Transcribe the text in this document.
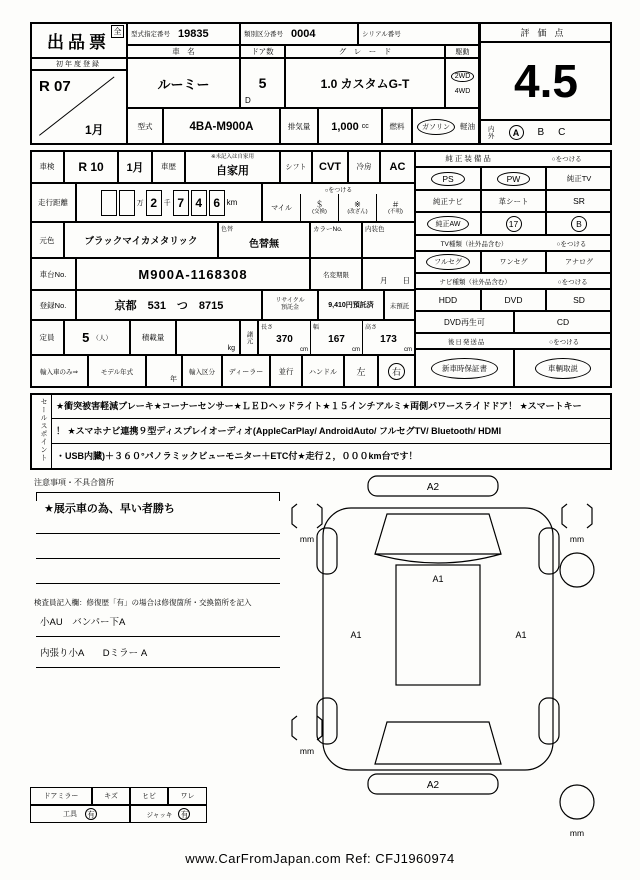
出品票
全	型式指定番号 19835	類別区分番号 0004	シリアル番号	評価点
4.5
内
外	A	B C
初年度登録
R 07
1月
車　名	ドア数	グ　レ　ー　ド	駆動
ルーミー	5
D
1.0 カスタムG-T	2WD
4WD
型式	4BA-M900A	排気量 1,000 cc	燃料	ガソリン	軽油
車検 R 10 1月 車歴
※未記入は自家用
自家用	シフト CVT 冷房 AC
走行距離	万 2 千 7 4 6 km
○をつける
マイル	＄
(交換)
※
(改ざん)
＃
(不明)
元色	ブラックマイカメタリック
色替
色替無
カラーNo.	内装色
車台No.	M900A-1168308	名変期限
月　　日
登録No.	京都　531　つ　8715	リサイクル
預託金	9,410円預託済 未預託
定員 5 （人）	積載量
kg
諸元
長さ
370
cm
幅
167
cm
高さ
173
cm
輸入車のみ⇒	モデル年式
年
輸入区分 ディーラー 並行 ハンドル 左	右
純正装備品	○をつける
PS	PW	純正TV
純正ナビ	革シート	SR
純正AW	17	B
TV種類（社外品含む）	○をつける
フルセグ	ワンセグ	アナログ
ナビ種類（社外品含む）	○をつける
HDD	DVD	SD
DVD再生可	CD
後日発送品	○をつける
新車時保証書	車輌取説
セールスポイント	★衝突被害軽減ブレーキ★コーナーセンサー★ＬＥＤヘッドライト★１５インチアルミ★両側パワースライドドア！ ★スマートキー
！ ★スマホナビ連携９型ディスプレイオーディオ(AppleCarPlay/ AndroidAuto/ フルセグTV/ Bluetooth/ HDMI
・USB内臓)＋３６０°パノラミックビューモニター＋ETC付★走行２，０００km台です！
注意事項・不具合箇所
★展示車の為、早い者勝ち
検査員記入欄：修復歴「有」の場合は修復箇所・交換箇所を記入
小AU　バンパー下A
内張り小A　　Dミラー A
ドアミラー	キズ	ヒビ	ワレ
工具	有	ジャッキ	有
A2
A2
A1
A1	A1
mm	mm
mm
mm
www.CarFromJapan.com Ref: CFJ1960974
